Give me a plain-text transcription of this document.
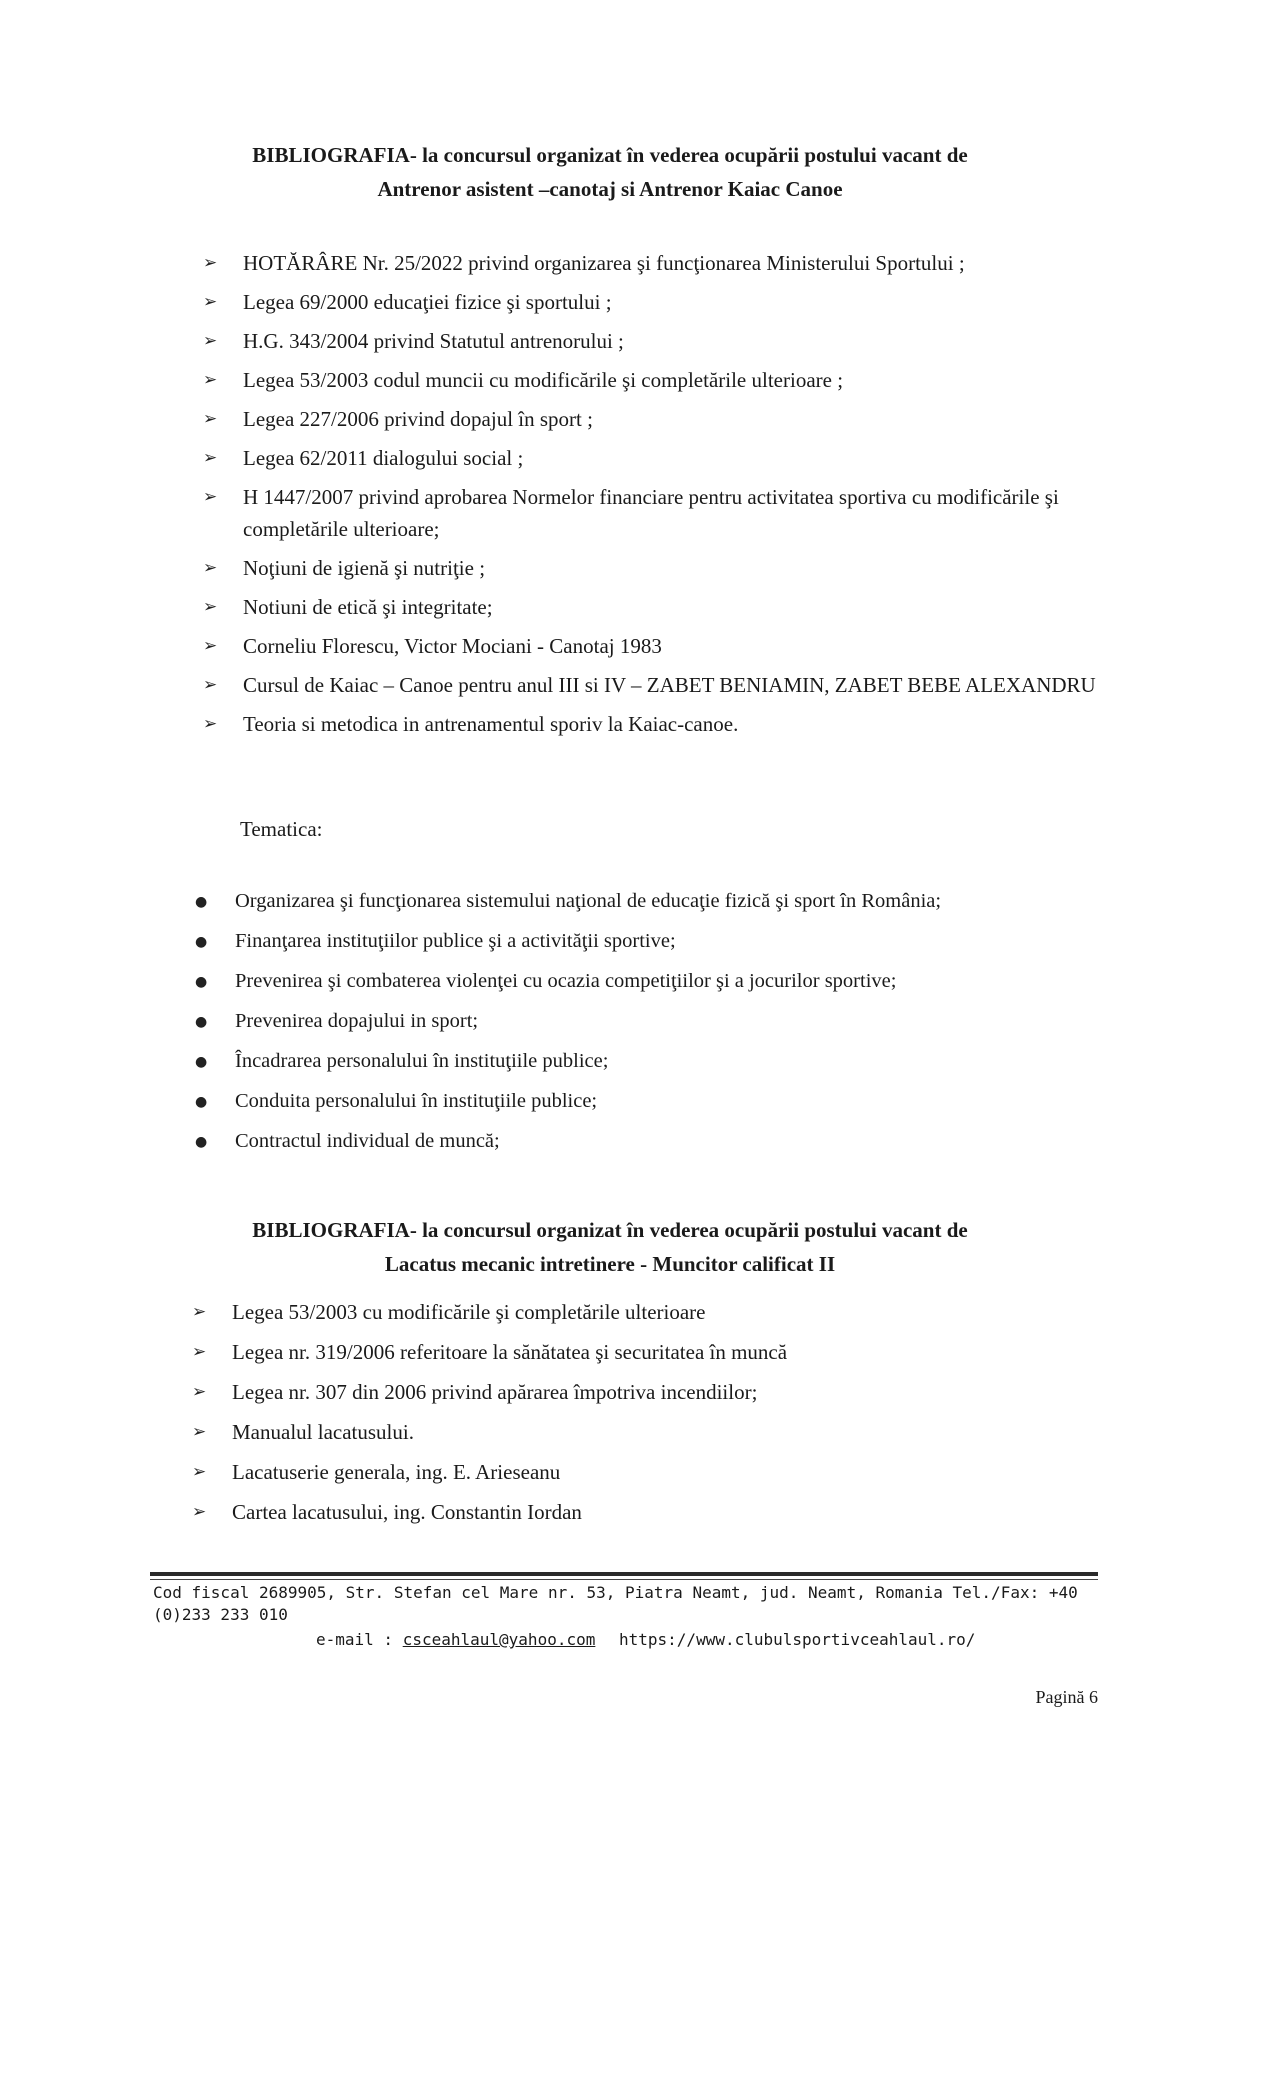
BIBLIOGRAFIA- la concursul organizat în vederea ocupării postului vacant de

Antrenor asistent –canotaj si Antrenor Kaiac Canoe

➢	HOTĂRÂRE Nr. 25/2022 privind organizarea şi funcţionarea Ministerului Sportului ;
➢	Legea 69/2000 educaţiei fizice şi sportului ;
➢	H.G. 343/2004 privind Statutul antrenorului ;
➢	Legea 53/2003 codul muncii cu modificările şi completările ulterioare ;
➢	Legea 227/2006 privind dopajul în sport ;
➢	Legea 62/2011 dialogului social ;
➢	H 1447/2007 privind aprobarea Normelor financiare pentru activitatea sportiva cu modificările şi completările ulterioare;
➢	Noţiuni de igienă şi nutriţie ;
➢	Notiuni de etică şi integritate;
➢	Corneliu Florescu, Victor Mociani - Canotaj 1983
➢	Cursul de Kaiac – Canoe pentru anul III si IV – ZABET BENIAMIN, ZABET BEBE ALEXANDRU
➢	Teoria si metodica in antrenamentul sporiv la Kaiac-canoe.
Tematica:
●	Organizarea şi funcţionarea sistemului naţional de educaţie fizică şi sport în România;
●	Finanţarea instituţiilor publice şi a activităţii sportive;
●	Prevenirea şi combaterea violenţei cu ocazia competiţiilor şi a jocurilor sportive;
●	Prevenirea dopajului in sport;
●	Încadrarea personalului în instituţiile publice;
●	Conduita personalului în instituţiile publice;
●	Contractul individual de muncă;

BIBLIOGRAFIA- la concursul organizat în vederea ocupării postului vacant de

Lacatus mecanic intretinere - Muncitor calificat II

➢	Legea 53/2003 cu modificările şi completările ulterioare
➢	Legea nr. 319/2006 referitoare la sănătatea şi securitatea în muncă
➢	Legea nr. 307 din 2006 privind apărarea împotriva incendiilor;
➢	Manualul lacatusului.
➢	Lacatuserie generala, ing. E. Arieseanu
➢	Cartea lacatusului, ing. Constantin Iordan
Cod fiscal 2689905, Str. Stefan cel Mare nr. 53, Piatra Neamt, jud. Neamt, Romania Tel./Fax: +40 (0)233 233 010
e-mail : csceahlaul@yahoo.com https://www.clubulsportivceahlaul.ro/
Pagină 6
